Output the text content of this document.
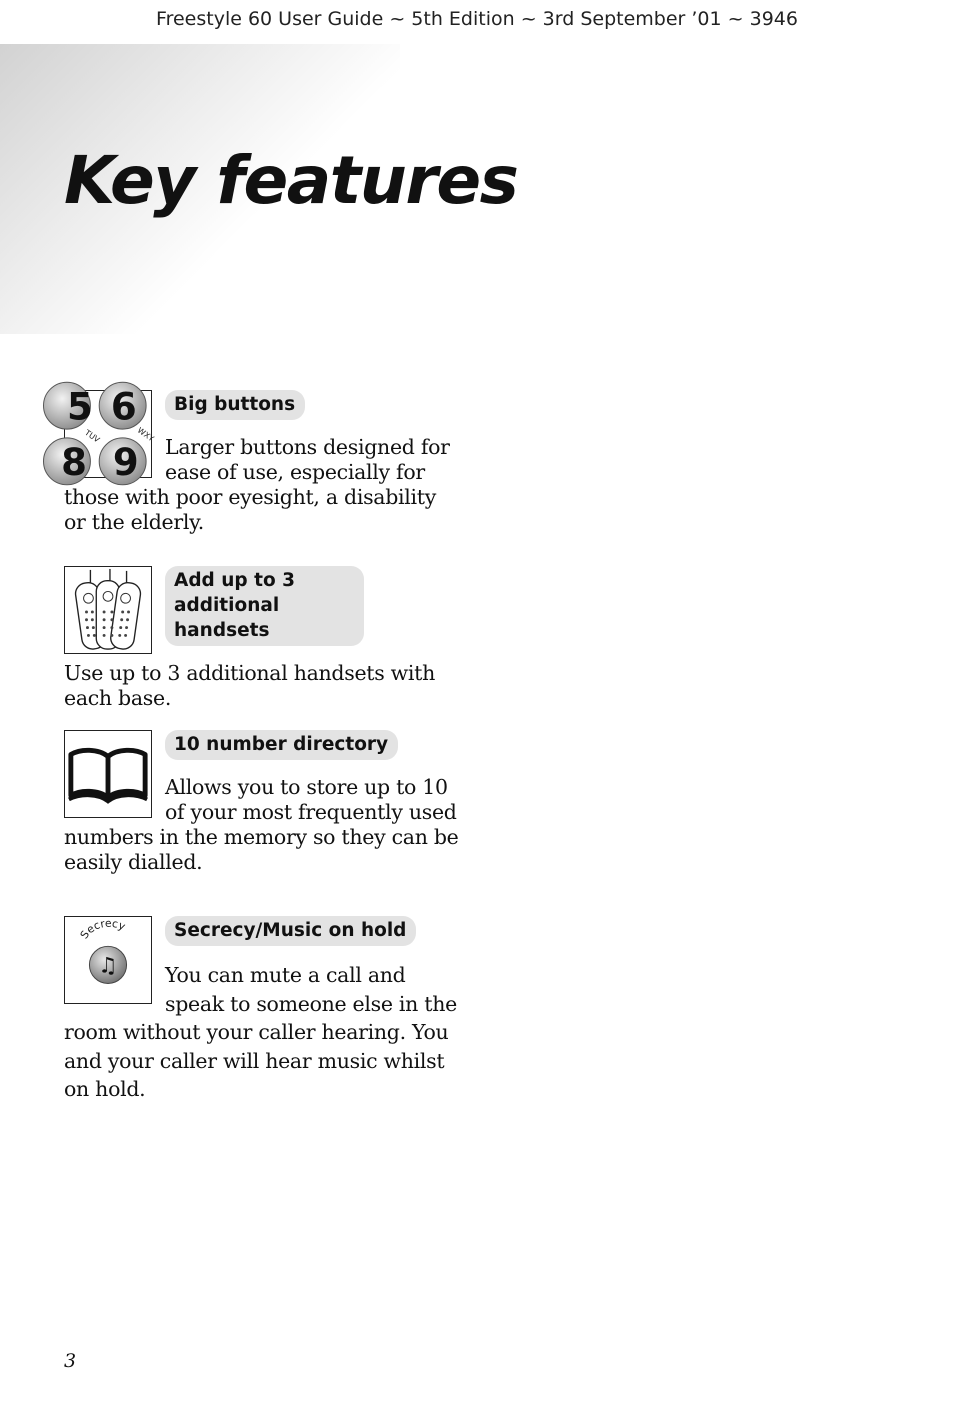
Freestyle 60 User Guide ~ 5th Edition ~ 3rd September ’01 ~ 3946
Key features
5 6
8 9
TUV	WXY
Big buttons

Larger buttons designed for ease of use, especially for those with poor eyesight, a disability or the elderly.

Add up to 3 additional handsets

Use up to 3 additional handsets with each base.

10 number directory

Allows you to store up to 10 of your most frequently used numbers in the memory so they can be easily dialled.

Secrecy
♫
Secrecy/Music on hold

You can mute a call and speak to someone else in the room without your caller hearing. You and your caller will hear music whilst on hold.

3
